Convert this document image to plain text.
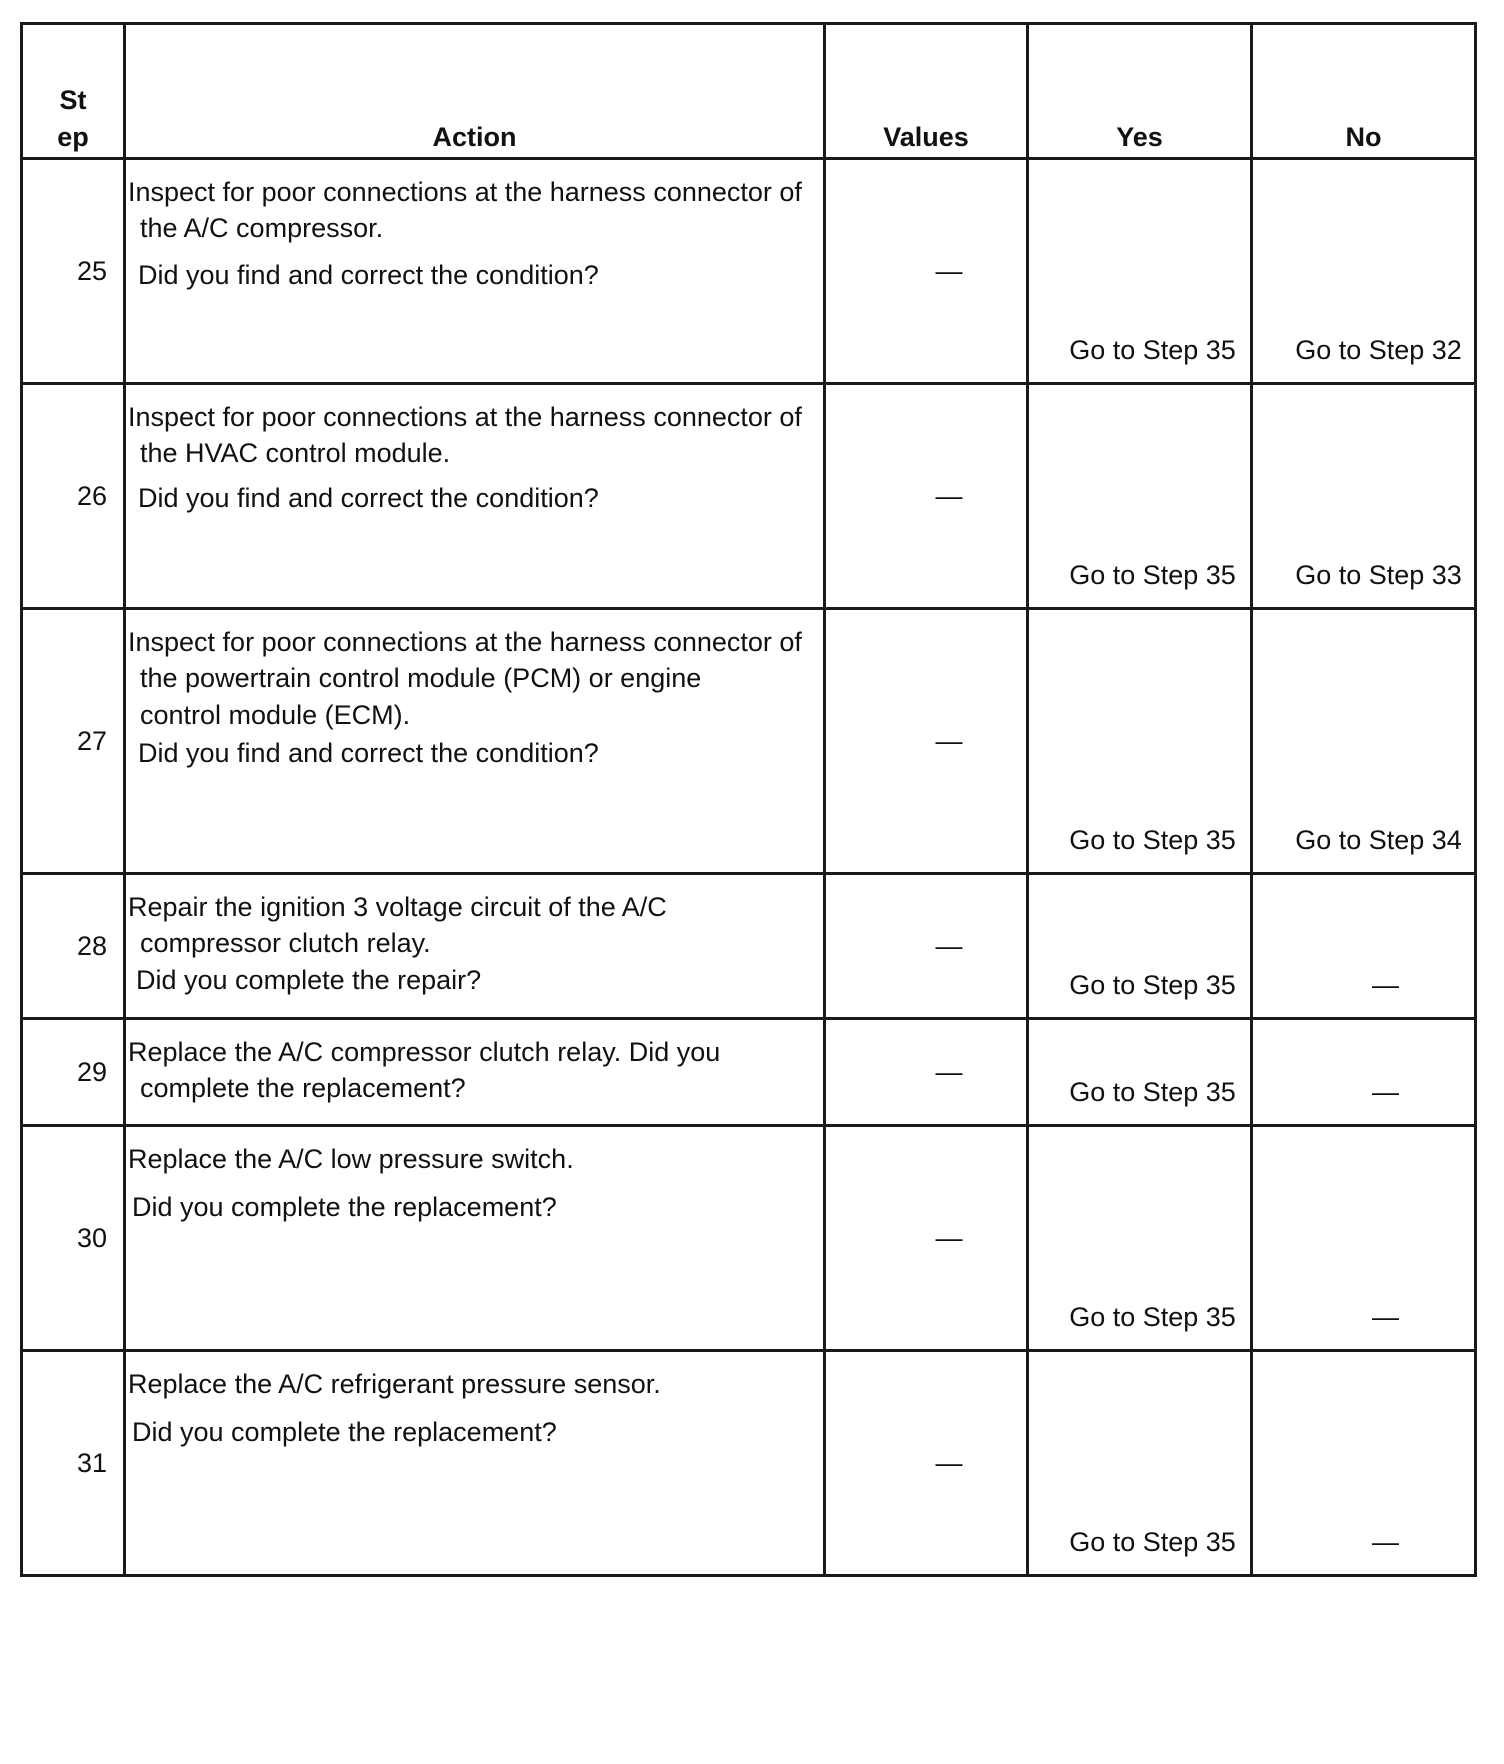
St
ep	Action	Values	Yes	No
25	Inspect for poor connections at the harness connector of
the A/C compressor.
Did you find and correct the condition?	—	Go to Step 35	Go to Step 32
26	Inspect for poor connections at the harness connector of
the HVAC control module.
Did you find and correct the condition?	—	Go to Step 35	Go to Step 33
27	Inspect for poor connections at the harness connector of
the powertrain control module (PCM) or engine
control module (ECM).
Did you find and correct the condition?	—	Go to Step 35	Go to Step 34
28	Repair the ignition 3 voltage circuit of the A/C
compressor clutch relay.
Did you complete the repair?	—	Go to Step 35	—
29	Replace the A/C compressor clutch relay. Did you
complete the replacement?	—	Go to Step 35	—
30	Replace the A/C low pressure switch.
Did you complete the replacement?	—	Go to Step 35	—
31	Replace the A/C refrigerant pressure sensor.
Did you complete the replacement?	—	Go to Step 35	—
